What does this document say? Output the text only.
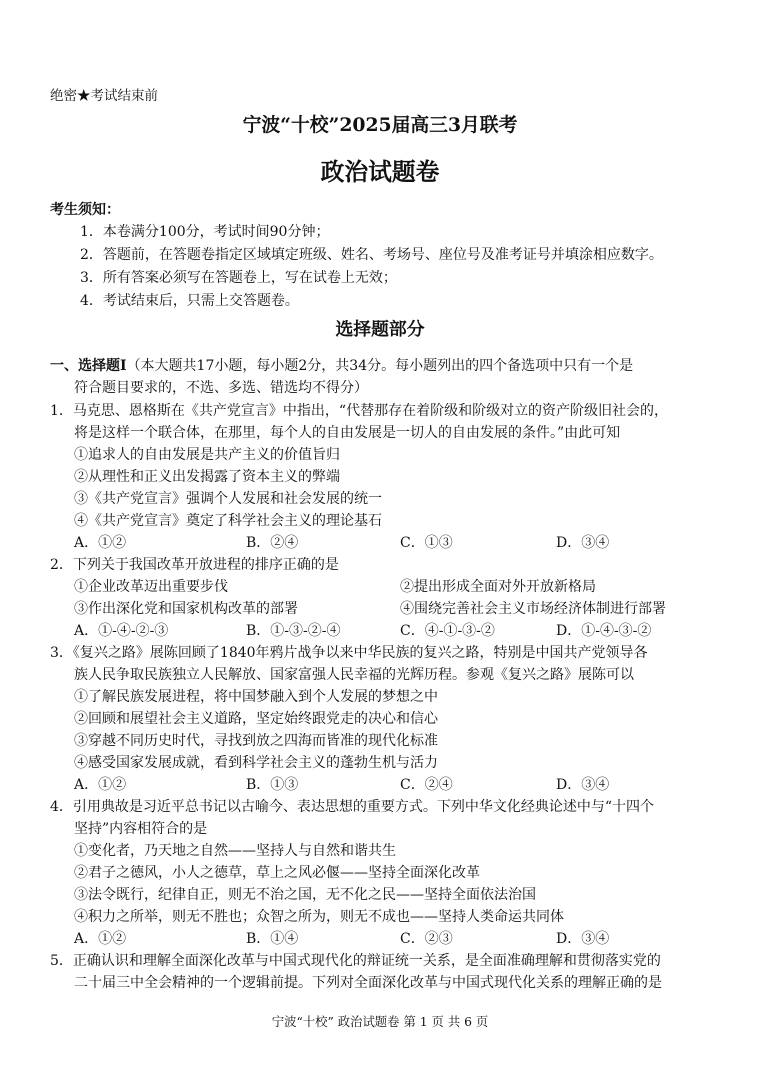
绝密★考试结束前
宁波“十校”2025届高三3月联考
政治试题卷
考生须知：
1．本卷满分100分，考试时间90分钟；
2．答题前，在答题卷指定区域填定班级、姓名、考场号、座位号及准考证号并填涂相应数字。
3．所有答案必须写在答题卷上，写在试卷上无效；
4．考试结束后，只需上交答题卷。
选择题部分
一、选择题Ⅰ（本大题共17小题，每小题2分，共34分。每小题列出的四个备选项中只有一个是
符合题目要求的，不选、多选、错选均不得分）
1．马克思、恩格斯在《共产党宣言》中指出，“代替那存在着阶级和阶级对立的资产阶级旧社会的，
将是这样一个联合体，在那里，每个人的自由发展是一切人的自由发展的条件。”由此可知
①追求人的自由发展是共产主义的价值旨归
②从理性和正义出发揭露了资本主义的弊端
③《共产党宣言》强调个人发展和社会发展的统一
④《共产党宣言》奠定了科学社会主义的理论基石
A．①②	B．②④	C．①③	D．③④
2．下列关于我国改革开放进程的排序正确的是
①企业改革迈出重要步伐	②提出形成全面对外开放新格局
③作出深化党和国家机构改革的部署	④围绕完善社会主义市场经济体制进行部署
A．①-④-②-③	B．①-③-②-④	C．④-①-③-②	D．①-④-③-②
3．《复兴之路》展陈回顾了1840年鸦片战争以来中华民族的复兴之路，特别是中国共产党领导各
族人民争取民族独立人民解放、国家富强人民幸福的光辉历程。参观《复兴之路》展陈可以
①了解民族发展进程，将中国梦融入到个人发展的梦想之中
②回顾和展望社会主义道路，坚定始终跟党走的决心和信心
③穿越不同历史时代，寻找到放之四海而皆准的现代化标准
④感受国家发展成就，看到科学社会主义的蓬勃生机与活力
A．①②	B．①③	C．②④	D．③④
4．引用典故是习近平总书记以古喻今、表达思想的重要方式。下列中华文化经典论述中与“十四个
坚持”内容相符合的是
①变化者，乃天地之自然——坚持人与自然和谐共生
②君子之德风，小人之德草，草上之风必偃——坚持全面深化改革
③法令既行，纪律自正，则无不治之国，无不化之民——坚持全面依法治国
④积力之所举，则无不胜也；众智之所为，则无不成也——坚持人类命运共同体
A．①②	B．①④	C．②③	D．③④
5．正确认识和理解全面深化改革与中国式现代化的辩证统一关系，是全面准确理解和贯彻落实党的
二十届三中全会精神的一个逻辑前提。下列对全面深化改革与中国式现代化关系的理解正确的是
宁波“十校” 政治试题卷 第 1 页 共 6 页
